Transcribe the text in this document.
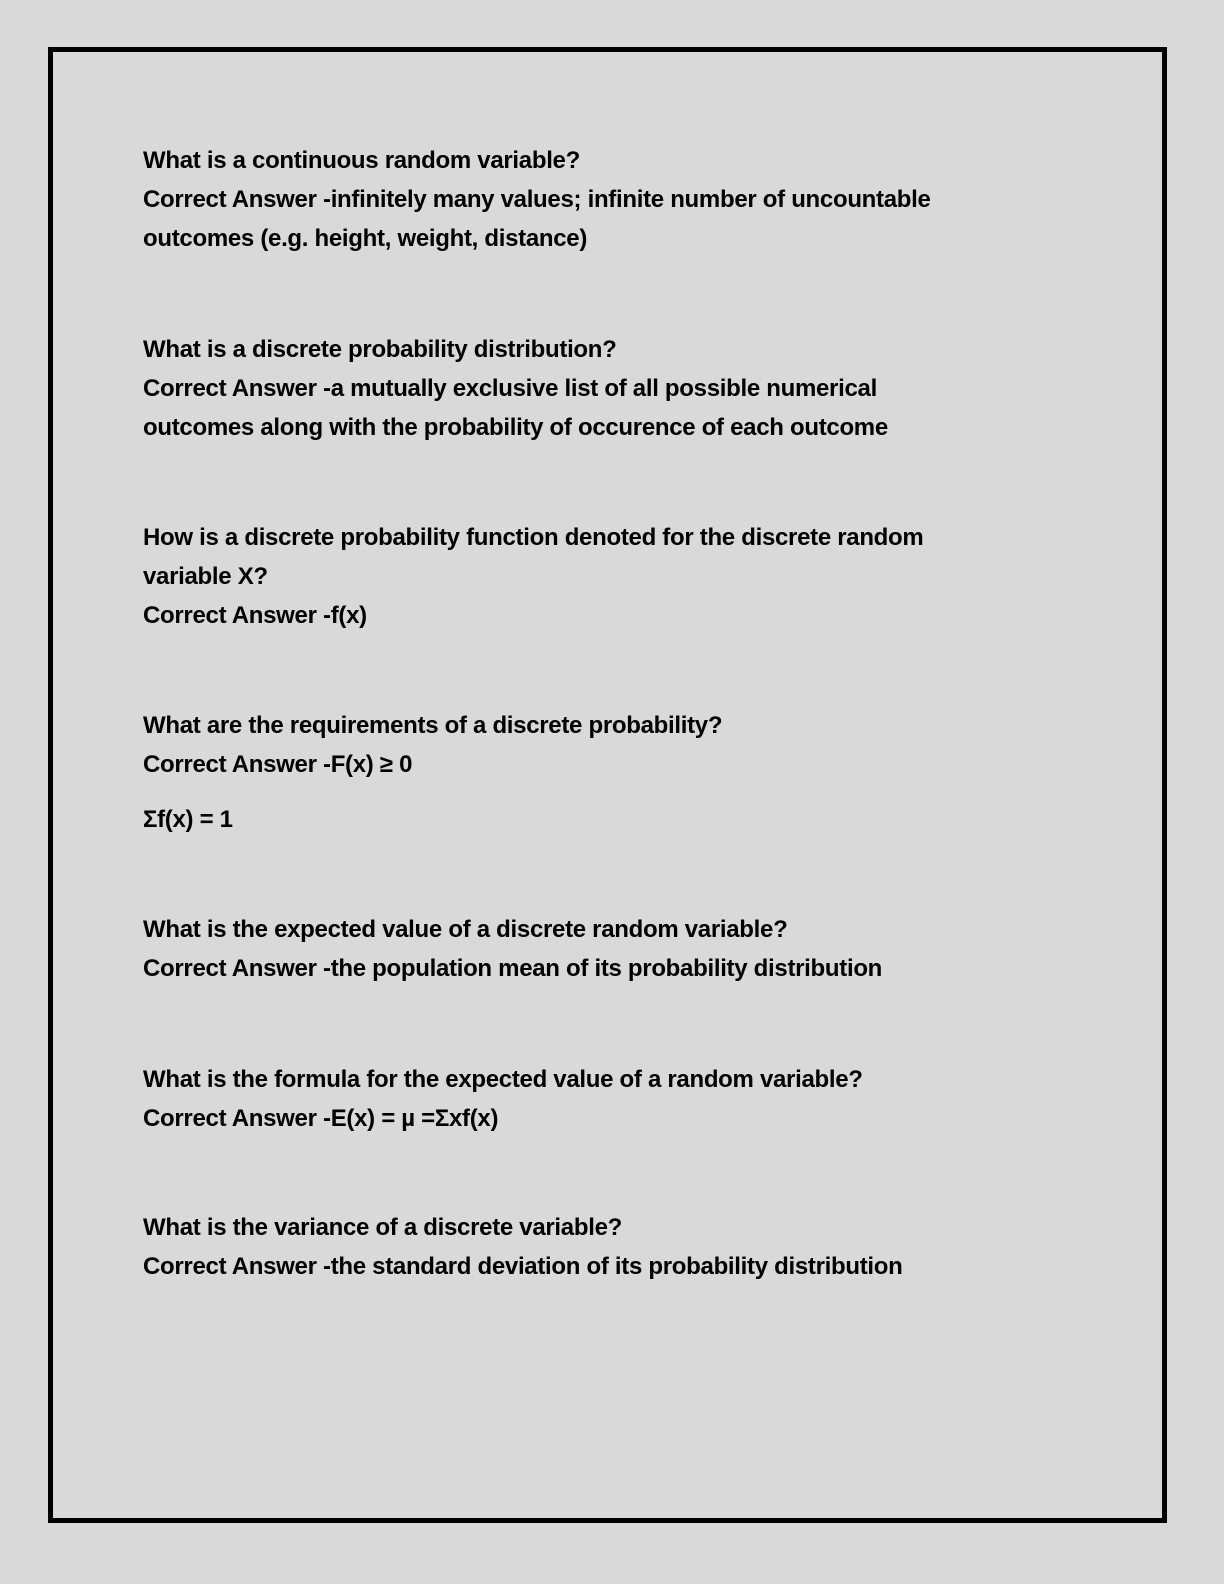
What is a continuous random variable?
Correct Answer -infinitely many values; infinite number of uncountable
outcomes (e.g. height, weight, distance)
What is a discrete probability distribution?
Correct Answer -a mutually exclusive list of all possible numerical
outcomes along with the probability of occurence of each outcome
How is a discrete probability function denoted for the discrete random
variable X?
Correct Answer -f(x)
What are the requirements of a discrete probability?
Correct Answer -F(x) ≥ 0
Σf(x) = 1
What is the expected value of a discrete random variable?
Correct Answer -the population mean of its probability distribution
What is the formula for the expected value of a random variable?
Correct Answer -E(x) = µ =Σxf(x)
What is the variance of a discrete variable?
Correct Answer -the standard deviation of its probability distribution
